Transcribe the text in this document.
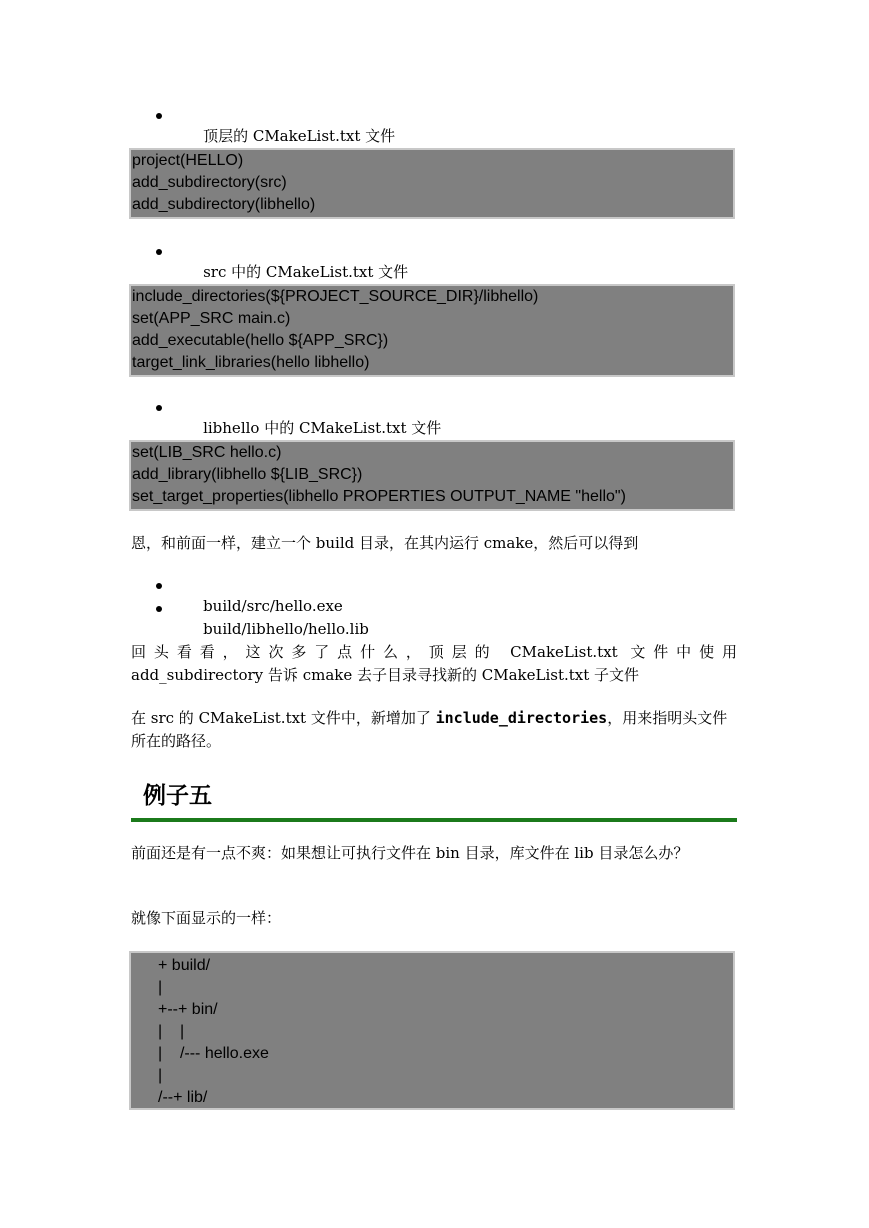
顶层的 CMakeList.txt 文件

project(HELLO)
add_subdirectory(src)
add_subdirectory(libhello)

src 中的 CMakeList.txt 文件

include_directories(${PROJECT_SOURCE_DIR}/libhello)
set(APP_SRC main.c)
add_executable(hello ${APP_SRC})
target_link_libraries(hello libhello)

libhello 中的 CMakeList.txt 文件

set(LIB_SRC hello.c)
add_library(libhello ${LIB_SRC})
set_target_properties(libhello PROPERTIES OUTPUT_NAME "hello")
恩，和前面一样，建立一个 build 目录，在其内运行 cmake，然后可以得到

build/src/hello.exe

build/libhello/hello.lib

回头看看，这次多了点什么，顶层的 CMakeList.txt 文件中使用
add_subdirectory 告诉 cmake 去子目录寻找新的 CMakeList.txt 子文件
在 src 的 CMakeList.txt 文件中，新增加了 include_directories，用来指明头文件所在的路径。
例子五
前面还是有一点不爽：如果想让可执行文件在 bin 目录，库文件在 lib 目录怎么办？
就像下面显示的一样：
+ build/
|
+--+ bin/
|    |
|    /--- hello.exe
|
/--+ lib/
